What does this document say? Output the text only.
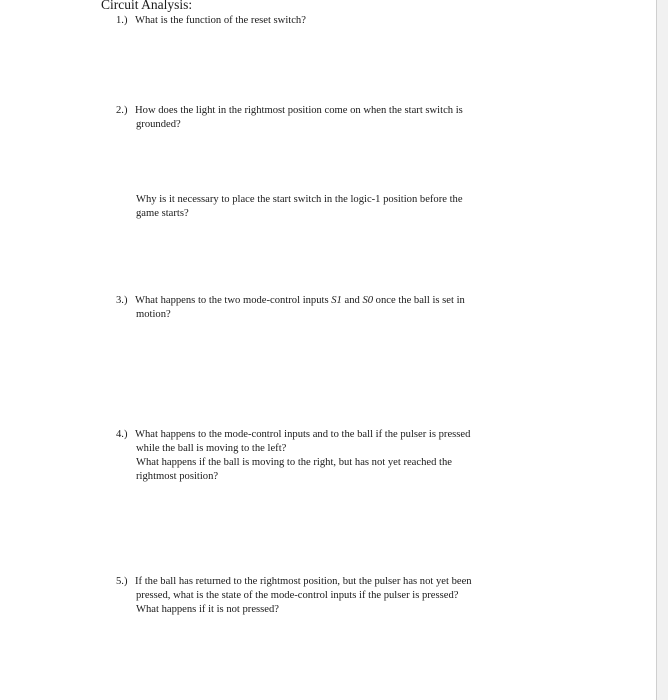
Circuit Analysis:
1.) What is the function of the reset switch?
2.) How does the light in the rightmost position come on when the start switch is
grounded?
Why is it necessary to place the start switch in the logic-1 position before the
game starts?
3.) What happens to the two mode-control inputs S1 and S0 once the ball is set in
motion?
4.) What happens to the mode-control inputs and to the ball if the pulser is pressed
while the ball is moving to the left?
What happens if the ball is moving to the right, but has not yet reached the
rightmost position?
5.) If the ball has returned to the rightmost position, but the pulser has not yet been
pressed, what is the state of the mode-control inputs if the pulser is pressed?
What happens if it is not pressed?
